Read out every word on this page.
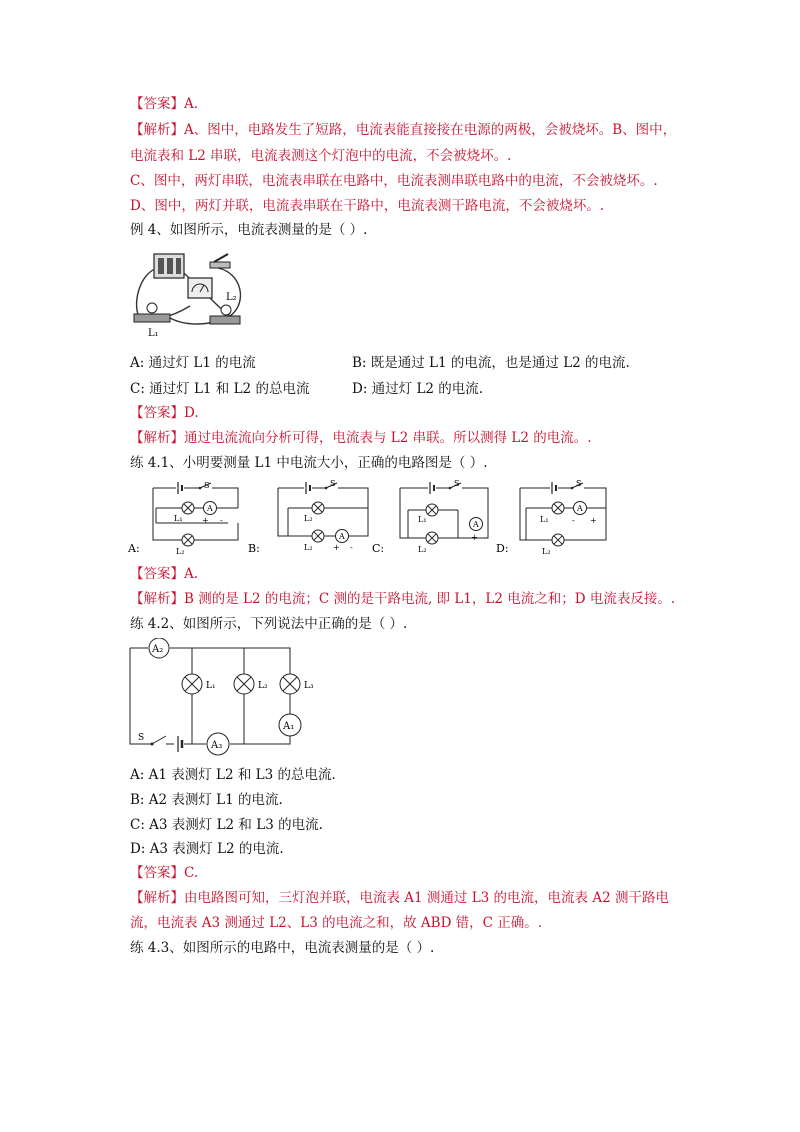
【答案】A.
【解析】A、图中，电路发生了短路，电流表能直接接在电源的两极，会被烧坏。B、图中，
电流表和 L2 串联，电流表测这个灯泡中的电流，不会被烧坏。.
C、图中，两灯串联，电流表串联在电路中，电流表测串联电路中的电流，不会被烧坏。.
D、图中，两灯并联，电流表串联在干路中，电流表测干路电流，不会被烧坏。.
例 4、如图所示，电流表测量的是（ ）.
L₂
L₁
A: 通过灯 L1 的电流	B: 既是通过 L1 的电流，也是通过 L2 的电流.
C: 通过灯 L1 和 L2 的总电流	D: 通过灯 L2 的电流.
【答案】D.
【解析】通过电流流向分析可得，电流表与 L2 串联。所以测得 L2 的电流。.
练 4.1、小明要测量 L1 中电流大小，正确的电路图是（ ）.
S	S	S	S
A
A
A
A
L₁
L₂
L₂
L₂
L₁
L₂
L₁
L₂
+ -
+ -
+ -
- +
A:	B:	C:	D:
【答案】A.
【解析】B 测的是 L2 的电流；C 测的是干路电流, 即 L1，L2 电流之和；D 电流表反接。.
练 4.2、如图所示，下列说法中正确的是（ ）.
A₂
L₁	L₂	L₃
A₁
A₃
S
A: A1 表测灯 L2 和 L3 的总电流.
B: A2 表测灯 L1 的电流.
C: A3 表测灯 L2 和 L3 的电流.
D: A3 表测灯 L2 的电流.
【答案】C.
【解析】由电路图可知，三灯泡并联，电流表 A1 测通过 L3 的电流，电流表 A2 测干路电
流，电流表 A3 测通过 L2、L3 的电流之和，故 ABD 错，C 正确。.
练 4.3、如图所示的电路中，电流表测量的是（ ）.
